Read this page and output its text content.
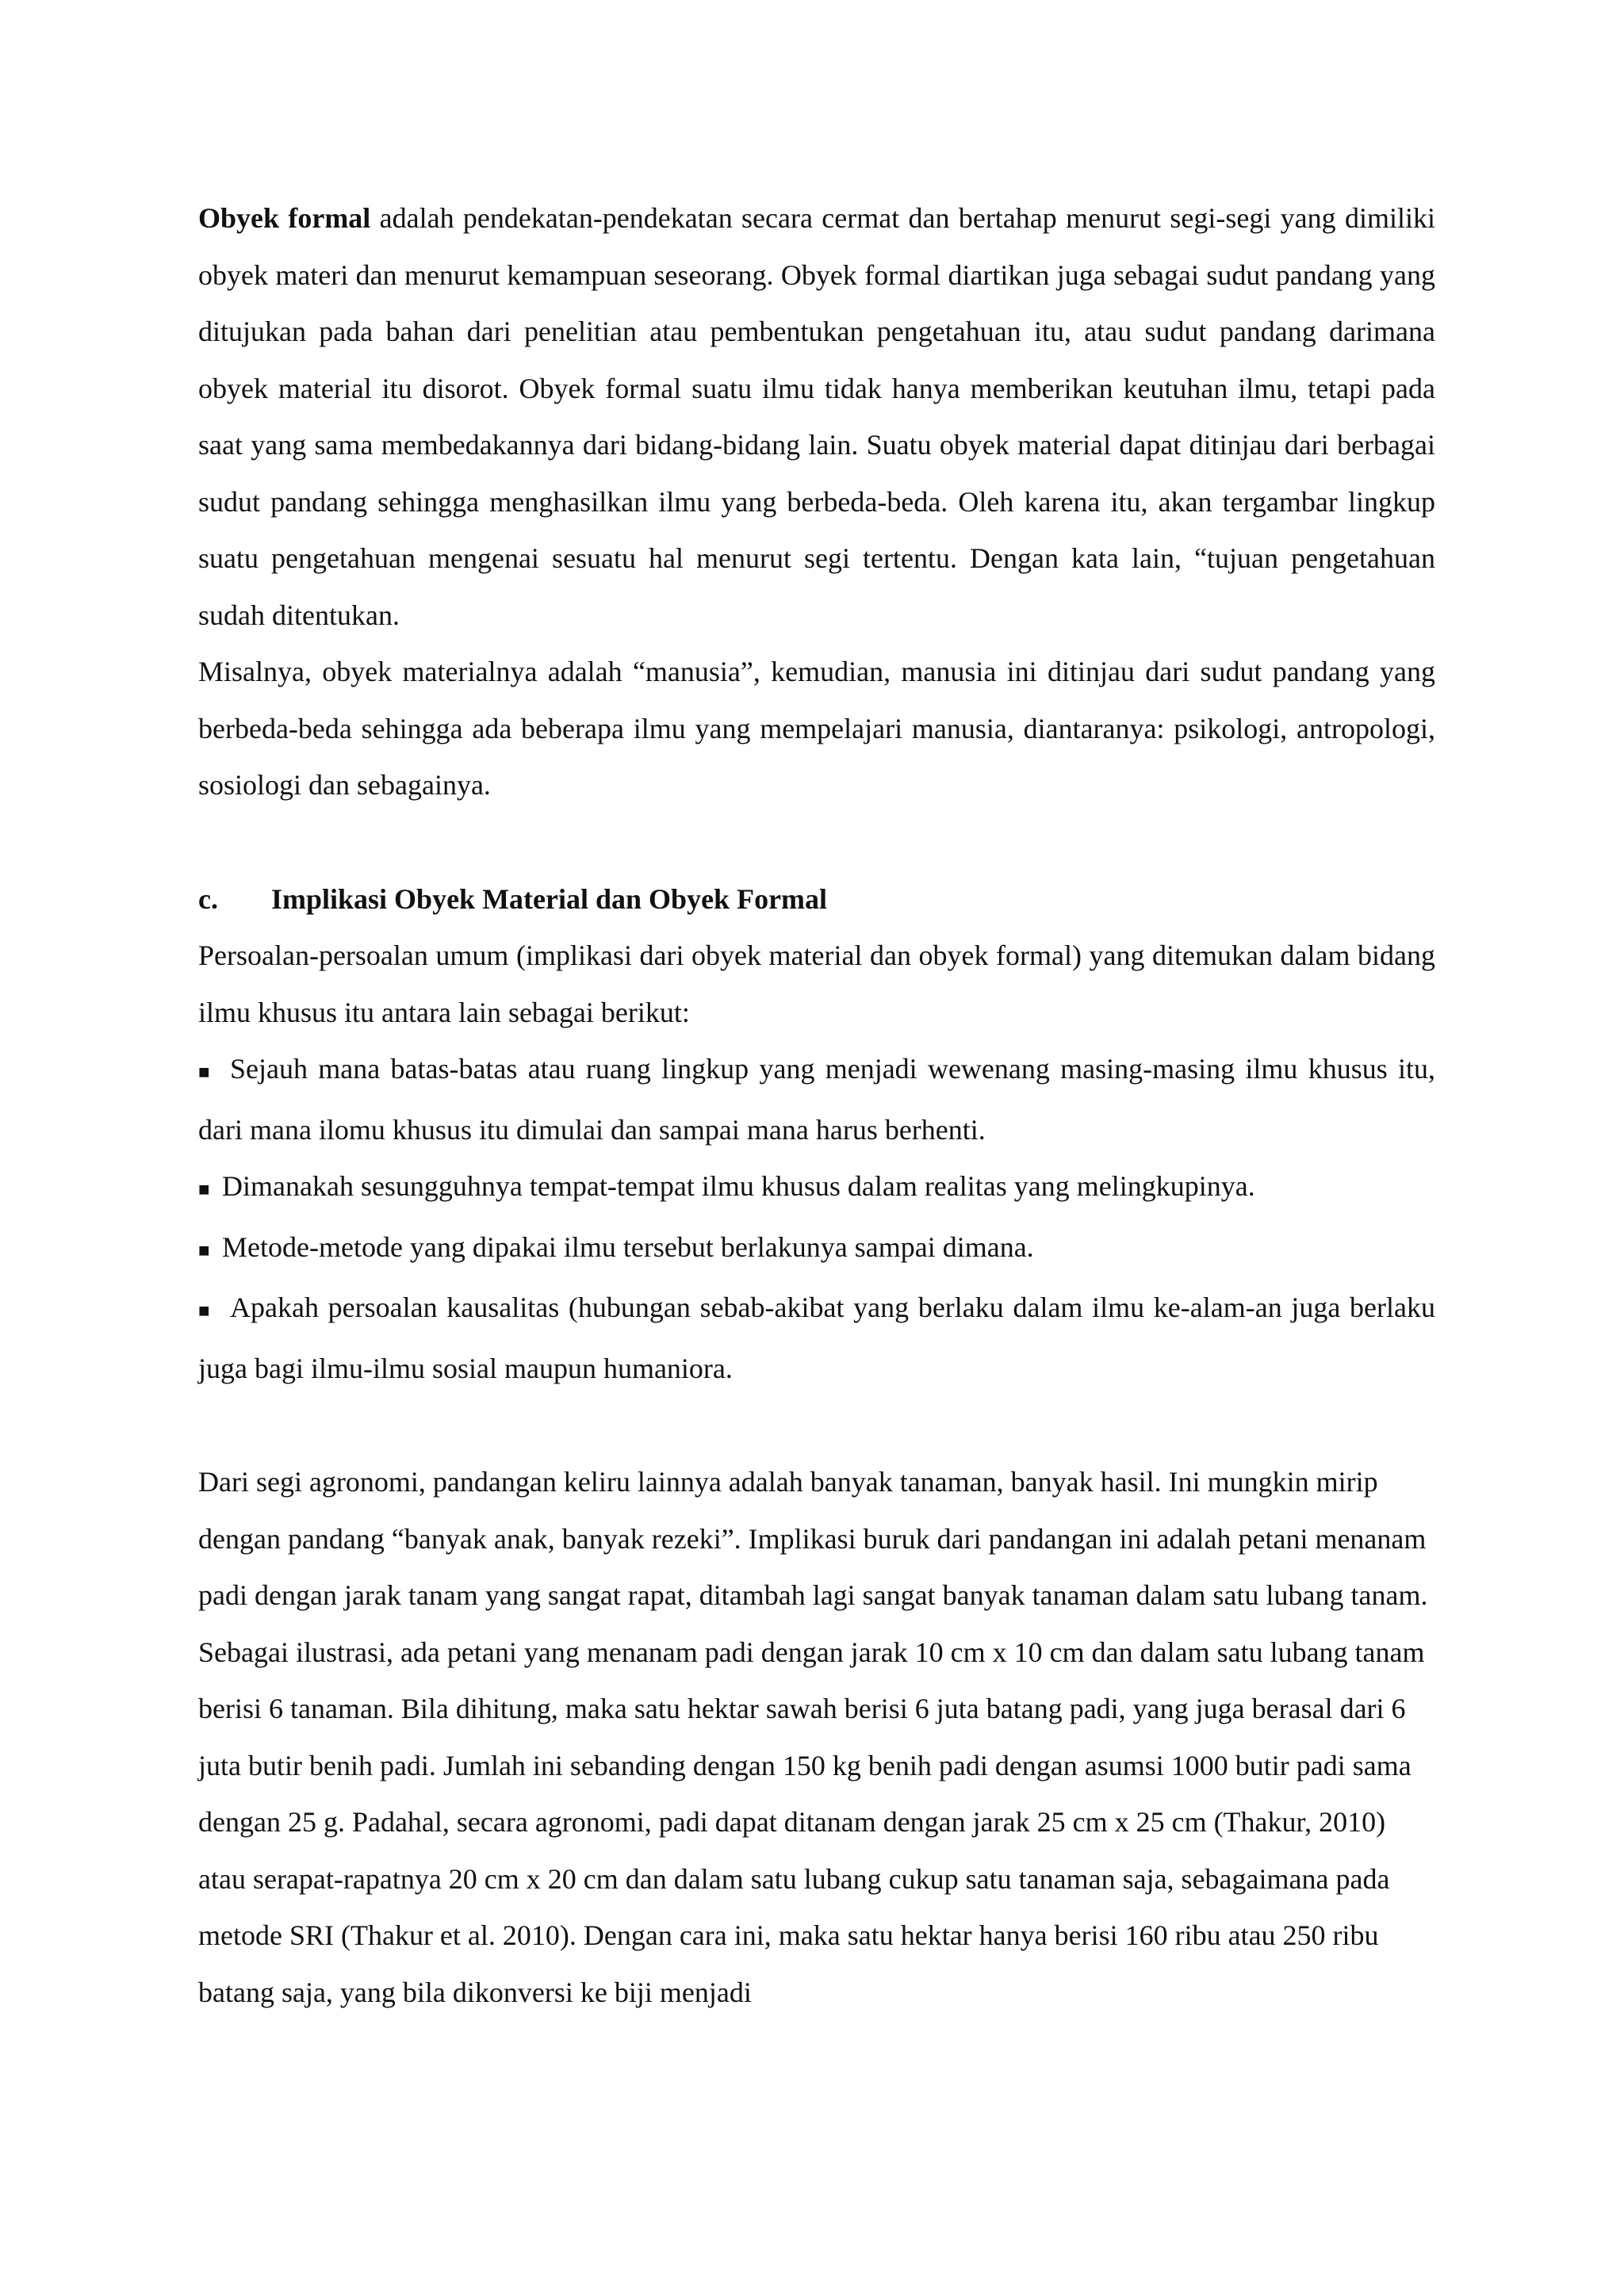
Obyek formal adalah pendekatan-pendekatan secara cermat dan bertahap menurut segi-segi yang dimiliki obyek materi dan menurut kemampuan seseorang. Obyek formal diartikan juga sebagai sudut pandang yang ditujukan pada bahan dari penelitian atau pembentukan pengetahuan itu, atau sudut pandang darimana obyek material itu disorot. Obyek formal suatu ilmu tidak hanya memberikan keutuhan ilmu, tetapi pada saat yang sama membedakannya dari bidang-bidang lain. Suatu obyek material dapat ditinjau dari berbagai sudut pandang sehingga menghasilkan ilmu yang berbeda-beda. Oleh karena itu, akan tergambar lingkup suatu pengetahuan mengenai sesuatu hal menurut segi tertentu. Dengan kata lain, “tujuan pengetahuan sudah ditentukan.

Misalnya, obyek materialnya adalah “manusia”, kemudian, manusia ini ditinjau dari sudut pandang yang berbeda-beda sehingga ada beberapa ilmu yang mempelajari manusia, diantaranya: psikologi, antropologi, sosiologi dan sebagainya.

c.	Implikasi Obyek Material dan Obyek Formal

Persoalan-persoalan umum (implikasi dari obyek material dan obyek formal) yang ditemukan dalam bidang ilmu khusus itu antara lain sebagai berikut:

■ Sejauh mana batas-batas atau ruang lingkup yang menjadi wewenang masing-masing ilmu khusus itu, dari mana ilomu khusus itu dimulai dan sampai mana harus berhenti.

■ Dimanakah sesungguhnya tempat-tempat ilmu khusus dalam realitas yang melingkupinya.

■ Metode-metode yang dipakai ilmu tersebut berlakunya sampai dimana.

■ Apakah persoalan kausalitas (hubungan sebab-akibat yang berlaku dalam ilmu ke-alam-an juga berlaku juga bagi ilmu-ilmu sosial maupun humaniora.

Dari segi agronomi, pandangan keliru lainnya adalah banyak tanaman, banyak hasil. Ini mungkin mirip dengan pandang “banyak anak, banyak rezeki”. Implikasi buruk dari pandangan ini adalah petani menanam padi dengan jarak tanam yang sangat rapat, ditambah lagi sangat banyak tanaman dalam satu lubang tanam. Sebagai ilustrasi, ada petani yang menanam padi dengan jarak 10 cm x 10 cm dan dalam satu lubang tanam berisi 6 tanaman. Bila dihitung, maka satu hektar sawah berisi 6 juta batang padi, yang juga berasal dari 6 juta butir benih padi. Jumlah ini sebanding dengan 150 kg benih padi dengan asumsi 1000 butir padi sama dengan 25 g. Padahal, secara agronomi, padi dapat ditanam dengan jarak 25 cm x 25 cm (Thakur, 2010) atau serapat-rapatnya 20 cm x 20 cm dan dalam satu lubang cukup satu tanaman saja, sebagaimana pada metode SRI (Thakur et al. 2010). Dengan cara ini, maka satu hektar hanya berisi 160 ribu atau 250 ribu batang saja, yang bila dikonversi ke biji menjadi
